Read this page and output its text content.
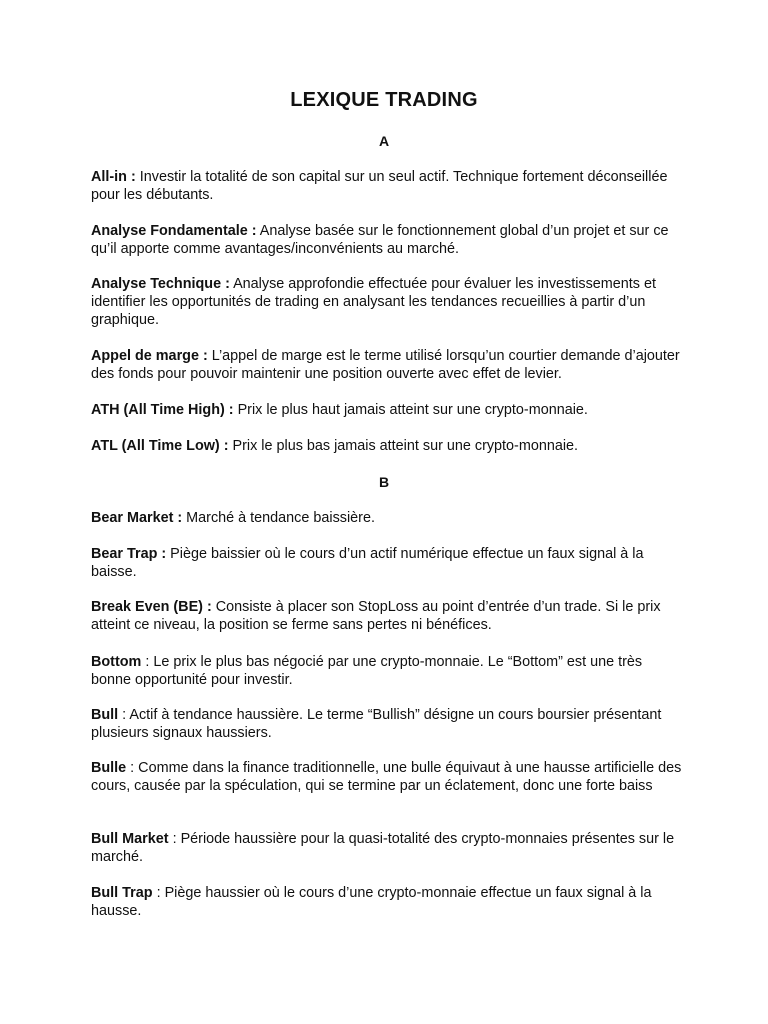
LEXIQUE TRADING
A
All-in : Investir la totalité de son capital sur un seul actif. Technique fortement déconseillée pour les débutants.
Analyse Fondamentale : Analyse basée sur le fonctionnement global d’un projet et sur ce qu’il apporte comme avantages/inconvénients au marché.
Analyse Technique : Analyse approfondie effectuée pour évaluer les investissements et identifier les opportunités de trading en analysant les tendances recueillies à partir d’un graphique.
Appel de marge : L’appel de marge est le terme utilisé lorsqu’un courtier demande d’ajouter des fonds pour pouvoir maintenir une position ouverte avec effet de levier.
ATH (All Time High) : Prix le plus haut jamais atteint sur une crypto-monnaie.
ATL (All Time Low) : Prix le plus bas jamais atteint sur une crypto-monnaie.
B
Bear Market : Marché à tendance baissière.
Bear Trap : Piège baissier où le cours d’un actif numérique effectue un faux signal à la baisse.
Break Even (BE) : Consiste à placer son StopLoss au point d’entrée d’un trade. Si le prix atteint ce niveau, la position se ferme sans pertes ni bénéfices.
Bottom : Le prix le plus bas négocié par une crypto-monnaie. Le “Bottom” est une très bonne opportunité pour investir.
Bull : Actif à tendance haussière. Le terme “Bullish” désigne un cours boursier présentant plusieurs signaux haussiers.
Bulle : Comme dans la finance traditionnelle, une bulle équivaut à une hausse artificielle des cours, causée par la spéculation, qui se termine par un éclatement, donc une forte baiss
Bull Market : Période haussière pour la quasi-totalité des crypto-monnaies présentes sur le marché.
Bull Trap : Piège haussier où le cours d’une crypto-monnaie effectue un faux signal à la hausse.
